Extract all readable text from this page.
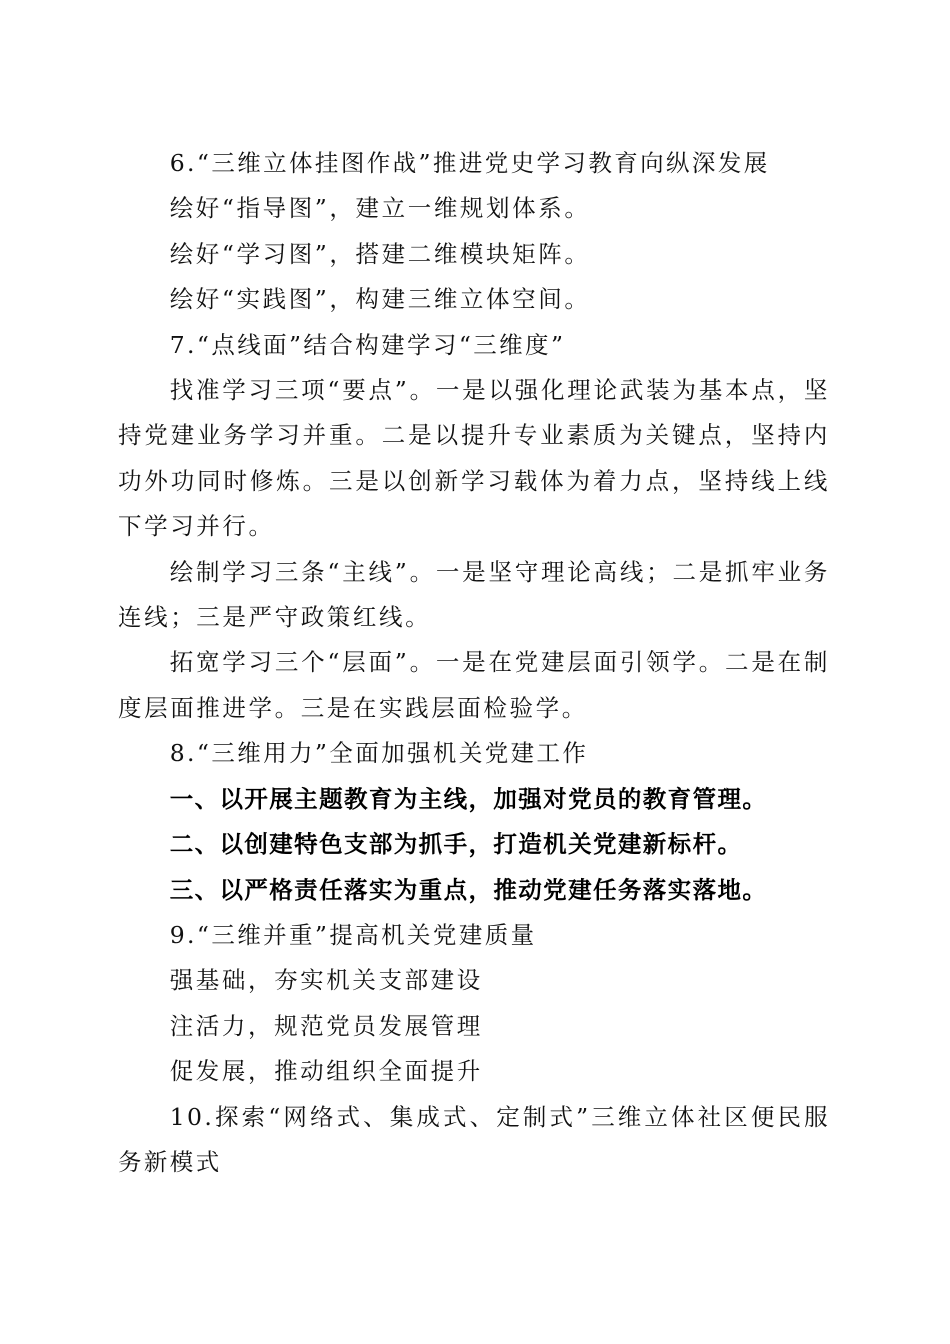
6.“三维立体挂图作战”推进党史学习教育向纵深发展

绘好“指导图”，建立一维规划体系。

绘好“学习图”，搭建二维模块矩阵。

绘好“实践图”，构建三维立体空间。

7.“点线面”结合构建学习“三维度”

找准学习三项“要点”。一是以强化理论武装为基本点，坚持党建业务学习并重。二是以提升专业素质为关键点，坚持内功外功同时修炼。三是以创新学习载体为着力点，坚持线上线下学习并行。

绘制学习三条“主线”。一是坚守理论高线；二是抓牢业务连线；三是严守政策红线。

拓宽学习三个“层面”。一是在党建层面引领学。二是在制度层面推进学。三是在实践层面检验学。

8.“三维用力”全面加强机关党建工作

一、以开展主题教育为主线，加强对党员的教育管理。

二、以创建特色支部为抓手，打造机关党建新标杆。

三、以严格责任落实为重点，推动党建任务落实落地。

9.“三维并重”提高机关党建质量

强基础，夯实机关支部建设

注活力，规范党员发展管理

促发展，推动组织全面提升

10.探索“网络式、集成式、定制式”三维立体社区便民服务新模式
